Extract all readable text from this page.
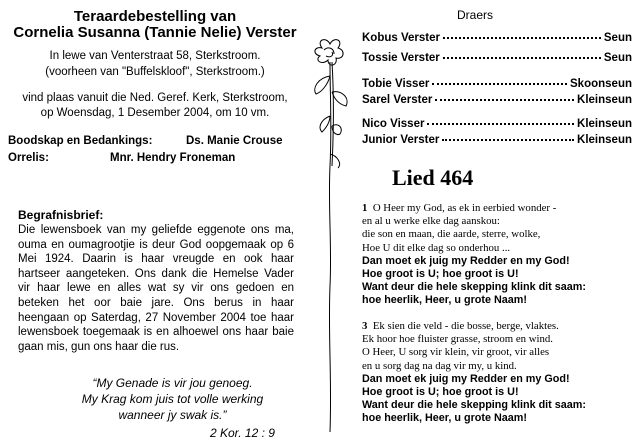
Teraardebestelling van
Cornelia Susanna (Tannie Nelie) Verster
In lewe van Venterstraat 58, Sterkstroom.
(voorheen van "Buffelskloof", Sterkstroom.)
vind plaas vanuit die Ned. Geref. Kerk, Sterkstroom,
op Woensdag, 1 Desember 2004, om 10 vm.
Boodskap en Bedankings:	Ds. Manie Crouse
Orrelis:	Mnr. Hendry Froneman
Begrafnisbrief:
Die lewensboek van my geliefde eggenote ons ma, ouma en oumagrootjie is deur God oopgemaak op 6 Mei 1924. Daarin is haar vreugde en ook haar hartseer aangeteken. Ons dank die Hemelse Vader vir haar lewe en alles wat sy vir ons gedoen en beteken het oor baie jare. Ons berus in haar heengaan op Saterdag, 27 November 2004 toe haar lewensboek toegemaak is en alhoewel ons haar baie gaan mis, gun ons haar die rus.
“My Genade is vir jou genoeg.
My Krag kom juis tot volle werking
wanneer jy swak is.”
2 Kor. 12 : 9
Draers
Kobus Verster	Seun
Tossie Verster	Seun
Tobie Visser	Skoonseun
Sarel Verster	Kleinseun
Nico Visser	Kleinseun
Junior Verster	Kleinseun
Lied 464
1 O Heer my God, as ek in eerbied wonder -
en al u werke elke dag aanskou:
die son en maan, die aarde, sterre, wolke,
Hoe U dit elke dag so onderhou ...
Dan moet ek juig my Redder en my God!
Hoe groot is U; hoe groot is U!
Want deur die hele skepping klink dit saam:
hoe heerlik, Heer, u grote Naam!
3 Ek sien die veld - die bosse, berge, vlaktes.
Ek hoor hoe fluister grasse, stroom en wind.
O Heer, U sorg vir klein, vir groot, vir alles
en u sorg dag na dag vir my, u kind.
Dan moet ek juig my Redder en my God!
Hoe groot is U; hoe groot is U!
Want deur die hele skepping klink dit saam:
hoe heerlik, Heer, u grote Naam!
